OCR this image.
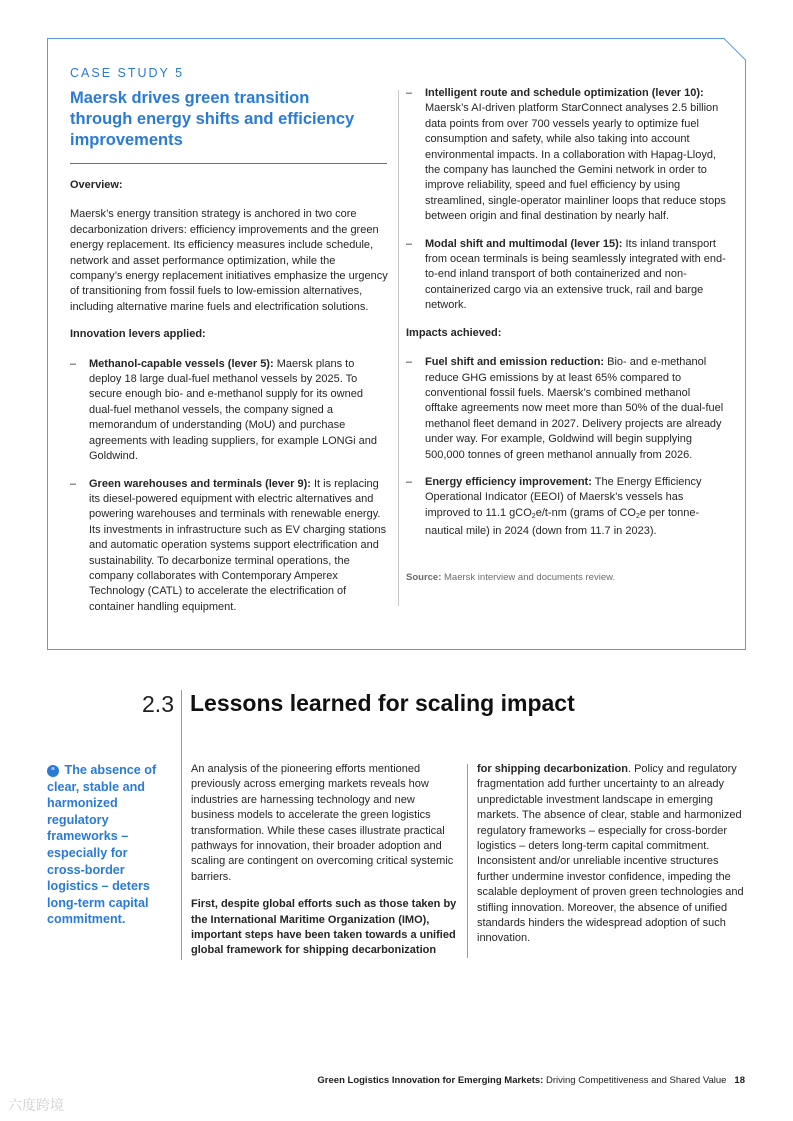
CASE STUDY 5
Maersk drives green transition through energy shifts and efficiency improvements
Overview:

Maersk’s energy transition strategy is anchored in two core decarbonization drivers: efficiency improvements and the green energy replacement. Its efficiency measures include schedule, network and asset performance optimization, while the company’s energy replacement initiatives emphasize the urgency of transitioning from fossil fuels to low-emission alternatives, including alternative marine fuels and electrification solutions.

Innovation levers applied:
– Methanol-capable vessels (lever 5): Maersk plans to deploy 18 large dual-fuel methanol vessels by 2025. To secure enough bio- and e-methanol supply for its owned dual-fuel methanol vessels, the company signed a memorandum of understanding (MoU) and purchase agreements with leading suppliers, for example LONGi and Goldwind.
– Green warehouses and terminals (lever 9): It is replacing its diesel-powered equipment with electric alternatives and powering warehouses and terminals with renewable energy. Its investments in infrastructure such as EV charging stations and automatic operation systems support electrification and sustainability. To decarbonize terminal operations, the company collaborates with Contemporary Amperex Technology (CATL) to accelerate the electrification of container handling equipment.
– Intelligent route and schedule optimization (lever 10): Maersk’s AI-driven platform StarConnect analyses 2.5 billion data points from over 700 vessels yearly to optimize fuel consumption and safety, while also taking into account environmental impacts. In a collaboration with Hapag-Lloyd, the company has launched the Gemini network in order to improve reliability, speed and fuel efficiency by using streamlined, single-operator mainliner loops that reduce stops between origin and final destination by nearly half.
– Modal shift and multimodal (lever 15): Its inland transport from ocean terminals is being seamlessly integrated with end-to-end inland transport of both containerized and non-containerized cargo via an extensive truck, rail and barge network.
Impacts achieved:
– Fuel shift and emission reduction: Bio- and e-methanol reduce GHG emissions by at least 65% compared to conventional fossil fuels. Maersk’s combined methanol offtake agreements now meet more than 50% of the dual-fuel methanol fleet demand in 2027. Delivery projects are already under way. For example, Goldwind will begin supplying 500,000 tonnes of green methanol annually from 2026.
– Energy efficiency improvement: The Energy Efficiency Operational Indicator (EEOI) of Maersk’s vessels has improved to 11.1 gCO$_2$e/t-nm (grams of $CO_2e$ per tonne-nautical mile) in 2024 (down from 11.7 in 2023).
Source: Maersk interview and documents review.
2.3 Lessons learned for scaling impact
“ The absence of clear, stable and harmonized regulatory frameworks – especially for cross-border logistics – deters long-term capital commitment.

An analysis of the pioneering efforts mentioned previously across emerging markets reveals how industries are harnessing technology and new business models to accelerate the green logistics transformation. While these cases illustrate practical pathways for innovation, their broader adoption and scaling are contingent on overcoming critical systemic barriers.

First, despite global efforts such as those taken by the International Maritime Organization (IMO), important steps have been taken towards a unified global framework for shipping decarbonization

for shipping decarbonization. Policy and regulatory fragmentation add further uncertainty to an already unpredictable investment landscape in emerging markets. The absence of clear, stable and harmonized regulatory frameworks – especially for cross-border logistics – deters long-term capital commitment. Inconsistent and/or unreliable incentive structures further undermine investor confidence, impeding the scalable deployment of proven green technologies and stifling innovation. Moreover, the absence of unified standards hinders the widespread adoption of such innovation.

Green Logistics Innovation for Emerging Markets: Driving Competitiveness and Shared Value 18
六度跨境
